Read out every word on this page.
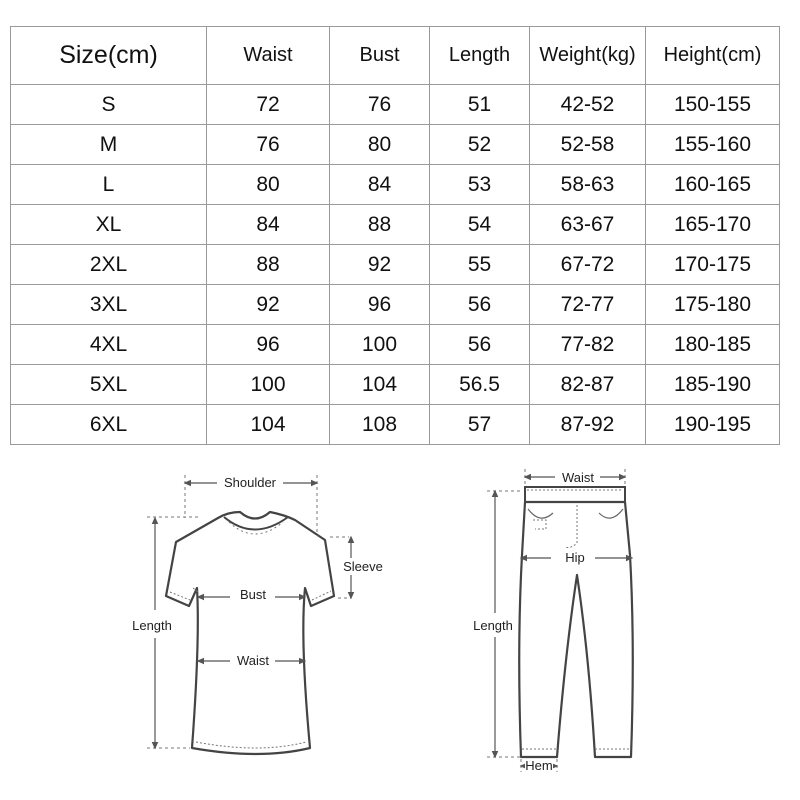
Size(cm)	Waist	Bust	Length	Weight(kg)	Height(cm)
S	72	76	51	42-52	150-155
M	76	80	52	52-58	155-160
L	80	84	53	58-63	160-165
XL	84	88	54	63-67	165-170
2XL	88	92	55	67-72	170-175
3XL	92	96	56	72-77	175-180
4XL	96	100	56	77-82	180-185
5XL	100	104	56.5	82-87	185-190
6XL	104	108	57	87-92	190-195
Shoulder
Sleeve
Bust
Waist
Length
Waist
Hip
Length
Hem
